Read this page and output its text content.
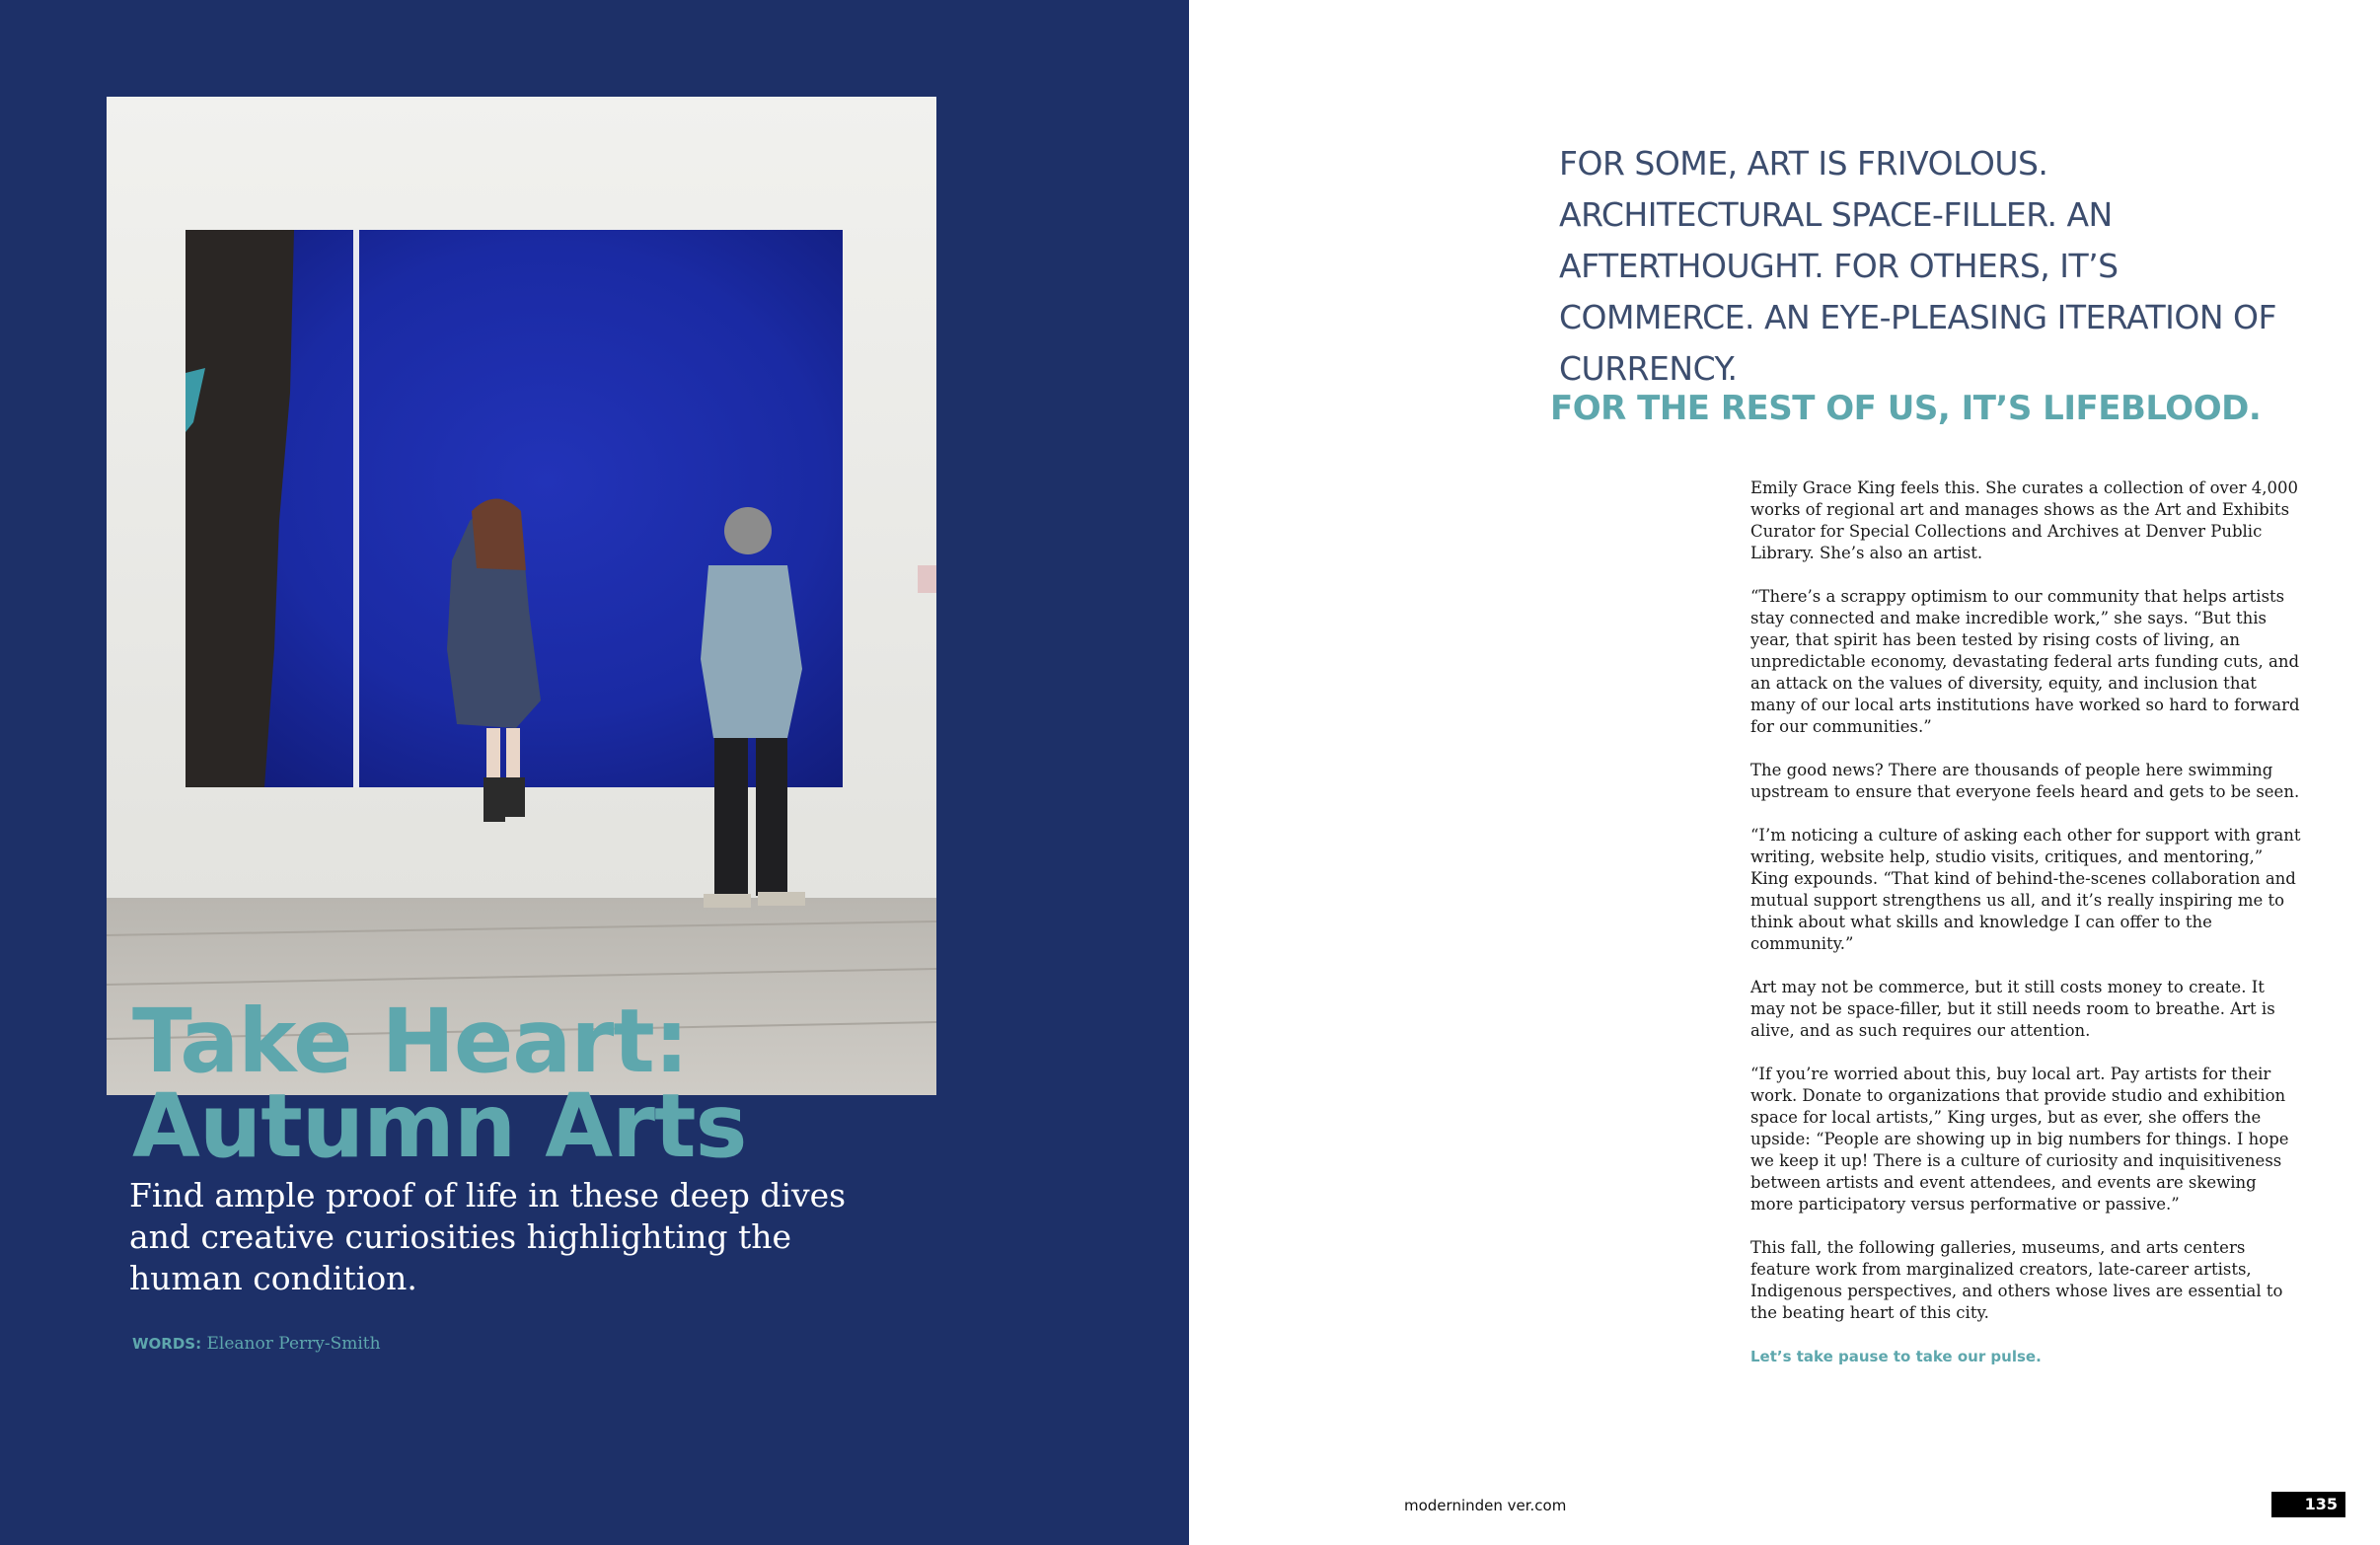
Take Heart:
Autumn Arts

Find ample proof of life in these deep dives and creative curiosities highlighting the human condition.

WORDS: Eleanor Perry-Smith

FOR SOME, ART IS FRIVOLOUS. ARCHITECTURAL SPACE-FILLER. AN AFTERTHOUGHT. FOR OTHERS, IT’S COMMERCE. AN EYE-PLEASING ITERATION OF CURRENCY.

FOR THE REST OF US, IT’S LIFEBLOOD.

Emily Grace King feels this. She curates a collection of over 4,000 works of regional art and manages shows as the Art and Exhibits Curator for Special Collections and Archives at Denver Public Library. She’s also an artist.

“There’s a scrappy optimism to our community that helps artists stay connected and make incredible work,” she says. “But this year, that spirit has been tested by rising costs of living, an unpredictable economy, devastating federal arts funding cuts, and an attack on the values of diversity, equity, and inclusion that many of our local arts institutions have worked so hard to forward for our communities.”

The good news? There are thousands of people here swimming upstream to ensure that everyone feels heard and gets to be seen.

“I’m noticing a culture of asking each other for support with grant writing, website help, studio visits, critiques, and mentoring,” King expounds. “That kind of behind-the-scenes collaboration and mutual support strengthens us all, and it’s really inspiring me to think about what skills and knowledge I can offer to the community.”

Art may not be commerce, but it still costs money to create. It may not be space-filler, but it still needs room to breathe. Art is alive, and as such requires our attention.

“If you’re worried about this, buy local art. Pay artists for their work. Donate to organizations that provide studio and exhibition space for local artists,” King urges, but as ever, she offers the upside: “People are showing up in big numbers for things. I hope we keep it up! There is a culture of curiosity and inquisitiveness between artists and event attendees, and events are skewing more participatory versus performative or passive.”

This fall, the following galleries, museums, and arts centers feature work from marginalized creators, late-career artists, Indigenous perspectives, and others whose lives are essential to the beating heart of this city.

Let’s take pause to take our pulse.

moderninden ver.com	135
